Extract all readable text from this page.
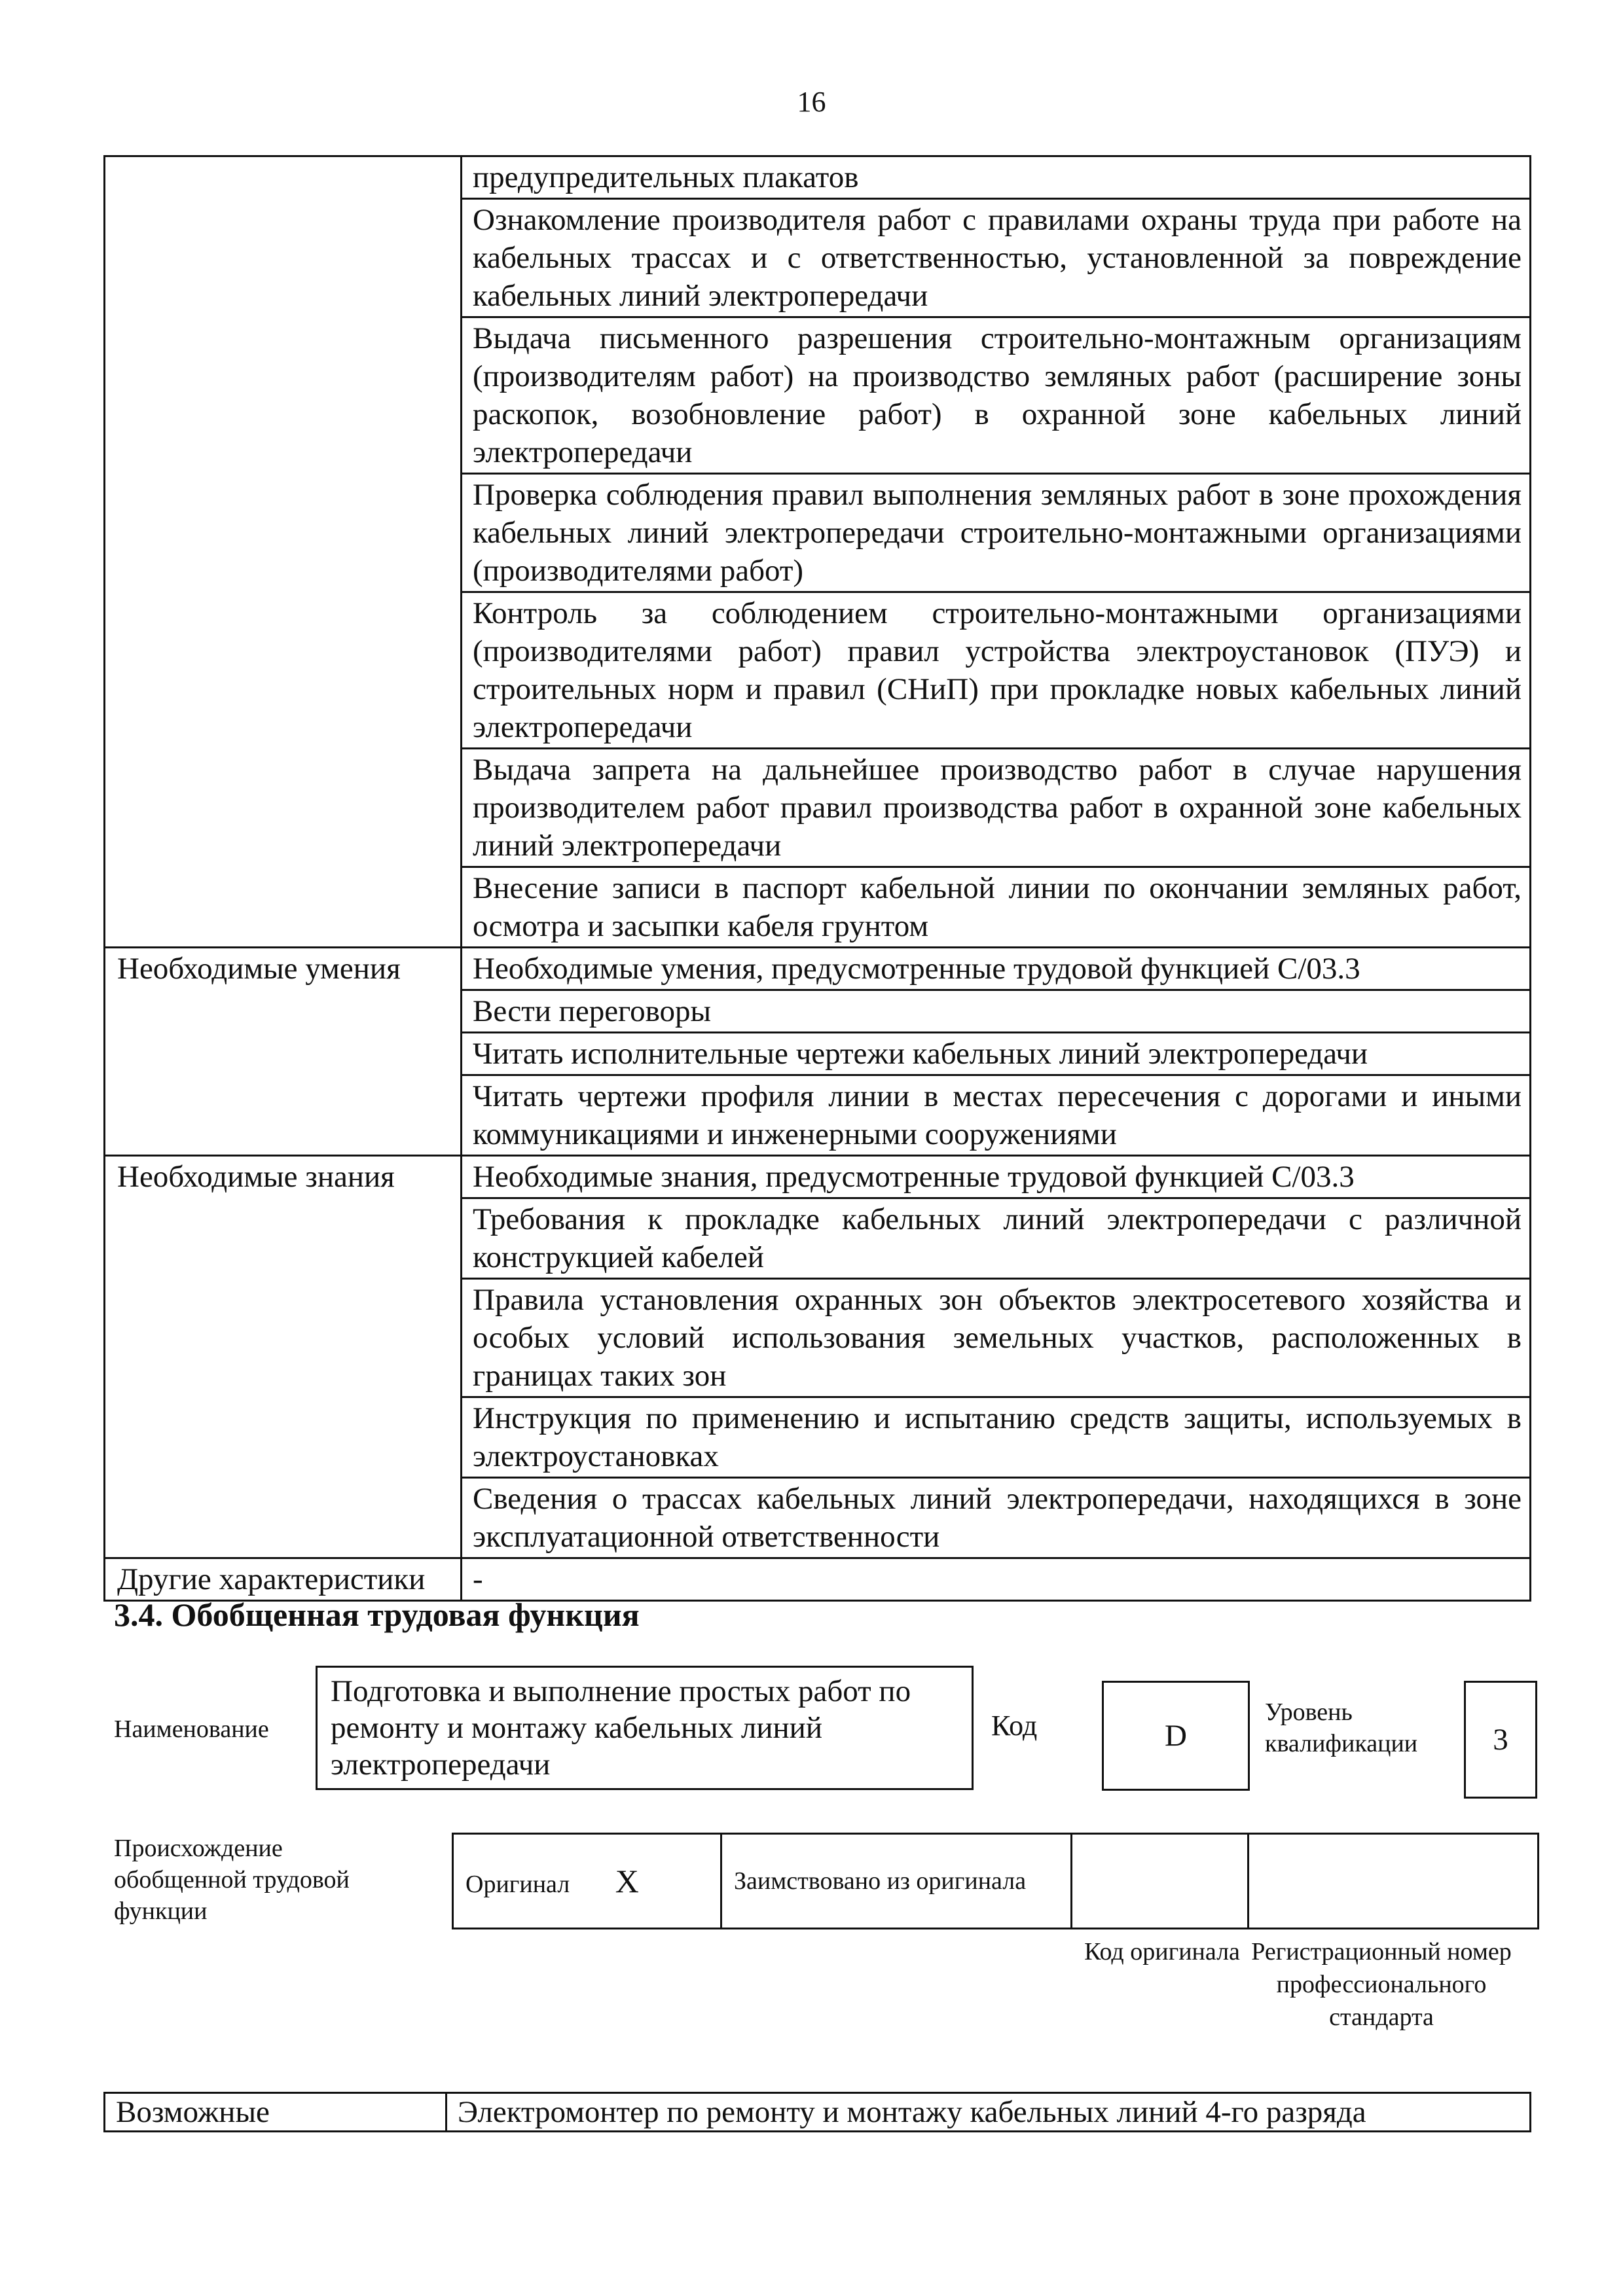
16
	предупредительных плакатов
	Ознакомление производителя работ с правилами охраны труда при работе на кабельных трассах и с ответственностью, установленной за повреждение кабельных линий электропередачи
	Выдача письменного разрешения строительно-монтажным организациям (производителям работ) на производство земляных работ (расширение зоны раскопок, возобновление работ) в охранной зоне кабельных линий электропередачи
	Проверка соблюдения правил выполнения земляных работ в зоне прохождения кабельных линий электропередачи строительно-монтажными организациями (производителями работ)
	Контроль за соблюдением строительно-монтажными организациями (производителями работ) правил устройства электроустановок (ПУЭ) и строительных норм и правил (СНиП) при прокладке новых кабельных линий электропередачи
	Выдача запрета на дальнейшее производство работ в случае нарушения производителем работ правил производства работ в охранной зоне кабельных линий электропередачи
	Внесение записи в паспорт кабельной линии по окончании земляных работ, осмотра и засыпки кабеля грунтом
Необходимые умения	Необходимые умения, предусмотренные трудовой функцией С/03.3
	Вести переговоры
	Читать исполнительные чертежи кабельных линий электропередачи
	Читать чертежи профиля линии в местах пересечения с дорогами и иными коммуникациями и инженерными сооружениями
Необходимые знания	Необходимые знания, предусмотренные трудовой функцией С/03.3
	Требования к прокладке кабельных линий электропередачи с различной конструкцией кабелей
	Правила установления охранных зон объектов электросетевого хозяйства и особых условий использования земельных участков, расположенных в границах таких зон
	Инструкция по применению и испытанию средств защиты, используемых в электроустановках
	Сведения о трассах кабельных линий электропередачи, находящихся в зоне эксплуатационной ответственности
Другие характеристики	-
3.4. Обобщенная трудовая функция
Наименование
Подготовка и выполнение простых работ по ремонту и монтажу кабельных линий электропередачи
Код	D
Уровень квалификации	3
Происхождение обобщенной трудовой функции
Оригинал X	Заимствовано из оригинала		
Код оригинала Регистрационный номер профессионального стандарта
Возможные	Электромонтер по ремонту и монтажу кабельных линий 4-го разряда
